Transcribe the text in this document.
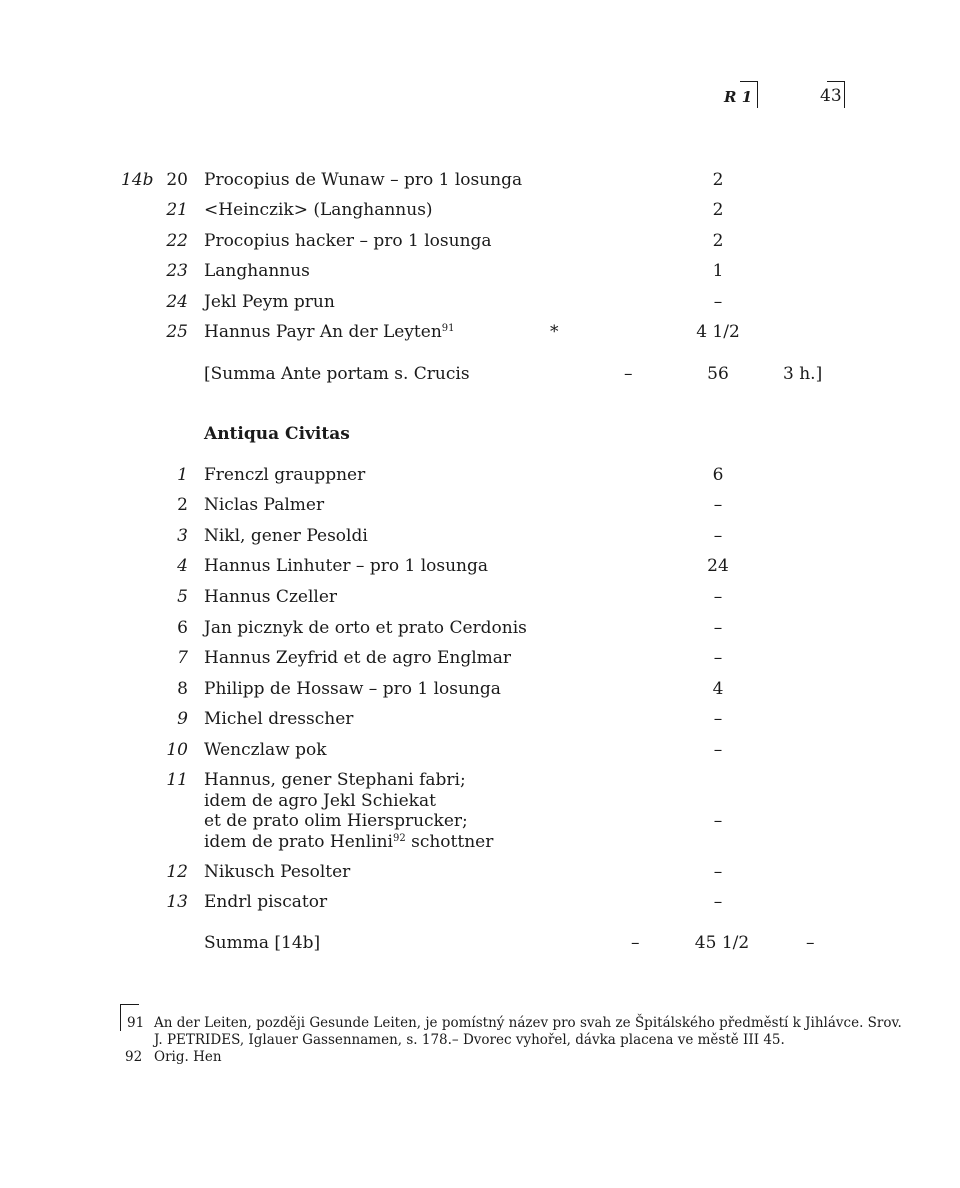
R 1	43
14b 20 Procopius de Wunaw – pro 1 losunga	2
21 <Heinczik> (Langhannus)	2
22 Procopius hacker – pro 1 losunga	2
23 Langhannus	1
24 Jekl Peym prun	–
25 Hannus Payr An der Leyten$^{91}$	*	4 1/2
[Summa Ante portam s. Crucis	–	56	3 h.]
Antiqua Civitas
1 Frenczl grauppner	6
2 Niclas Palmer	–
3 Nikl, gener Pesoldi	–
4 Hannus Linhuter – pro 1 losunga	24
5 Hannus Czeller	–
6 Jan picznyk de orto et prato Cerdonis	–
7 Hannus Zeyfrid et de agro Englmar	–
8 Philipp de Hossaw – pro 1 losunga	4
9 Michel dresscher	–
10 Wenczlaw pok	–
11 Hannus, gener Stephani fabri;
idem de agro Jekl Schiekat
et de prato olim Hiersprucker;
idem de prato Henlini$^{92}$ schottner
–
12 Nikusch Pesolter	–
13 Endrl piscator	–
Summa [14b]	–	45 1/2	–
91 An der Leiten, později Gesunde Leiten, je pomístný název pro svah ze Špitálského předměstí k Jihlávce. Srov.
J. PETRIDES, Iglauer Gassennamen, s. 178.– Dvorec vyhořel, dávka placena ve městě III 45.
92 Orig. Hen
